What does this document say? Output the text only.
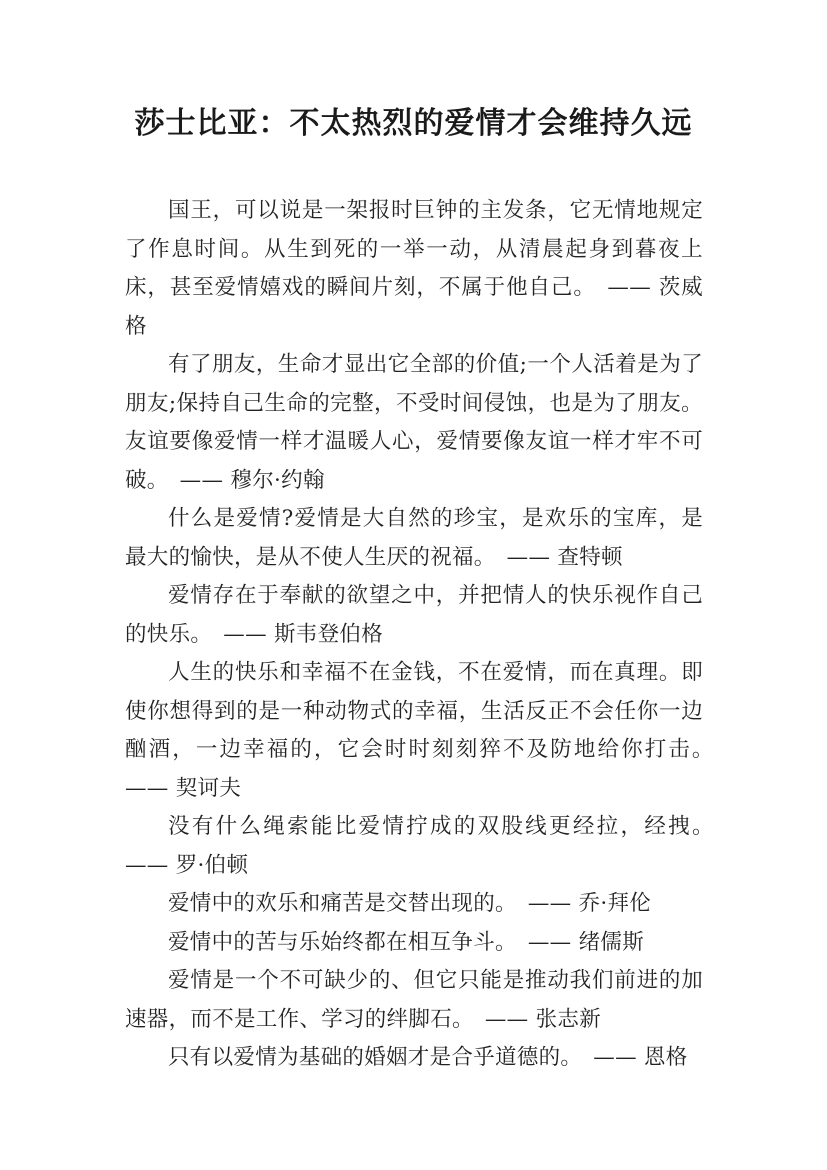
莎士比亚：不太热烈的爱情才会维持久远

国王，可以说是一架报时巨钟的主发条，它无情地规定了作息时间。从生到死的一举一动，从清晨起身到暮夜上床，甚至爱情嬉戏的瞬间片刻，不属于他自己。　 —— 茨威格

有了朋友，生命才显出它全部的价值;一个人活着是为了朋友;保持自己生命的完整，不受时间侵蚀，也是为了朋友。友谊要像爱情一样才温暖人心，爱情要像友谊一样才牢不可破。　 —— 穆尔·约翰

什么是爱情?爱情是大自然的珍宝，是欢乐的宝库，是最大的愉快，是从不使人生厌的祝福。　 —— 查特顿

爱情存在于奉献的欲望之中，并把情人的快乐视作自己的快乐。　 —— 斯韦登伯格

人生的快乐和幸福不在金钱，不在爱情，而在真理。即使你想得到的是一种动物式的幸福，生活反正不会任你一边酗酒，一边幸福的，它会时时刻刻猝不及防地给你打击。　—— 契诃夫

没有什么绳索能比爱情拧成的双股线更经拉，经拽。　—— 罗·伯顿

爱情中的欢乐和痛苦是交替出现的。　 —— 乔·拜伦

爱情中的苦与乐始终都在相互争斗。　 —— 绪儒斯

爱情是一个不可缺少的、但它只能是推动我们前进的加速器，而不是工作、学习的绊脚石。　 —— 张志新

只有以爱情为基础的婚姻才是合乎道德的。　 —— 恩格
